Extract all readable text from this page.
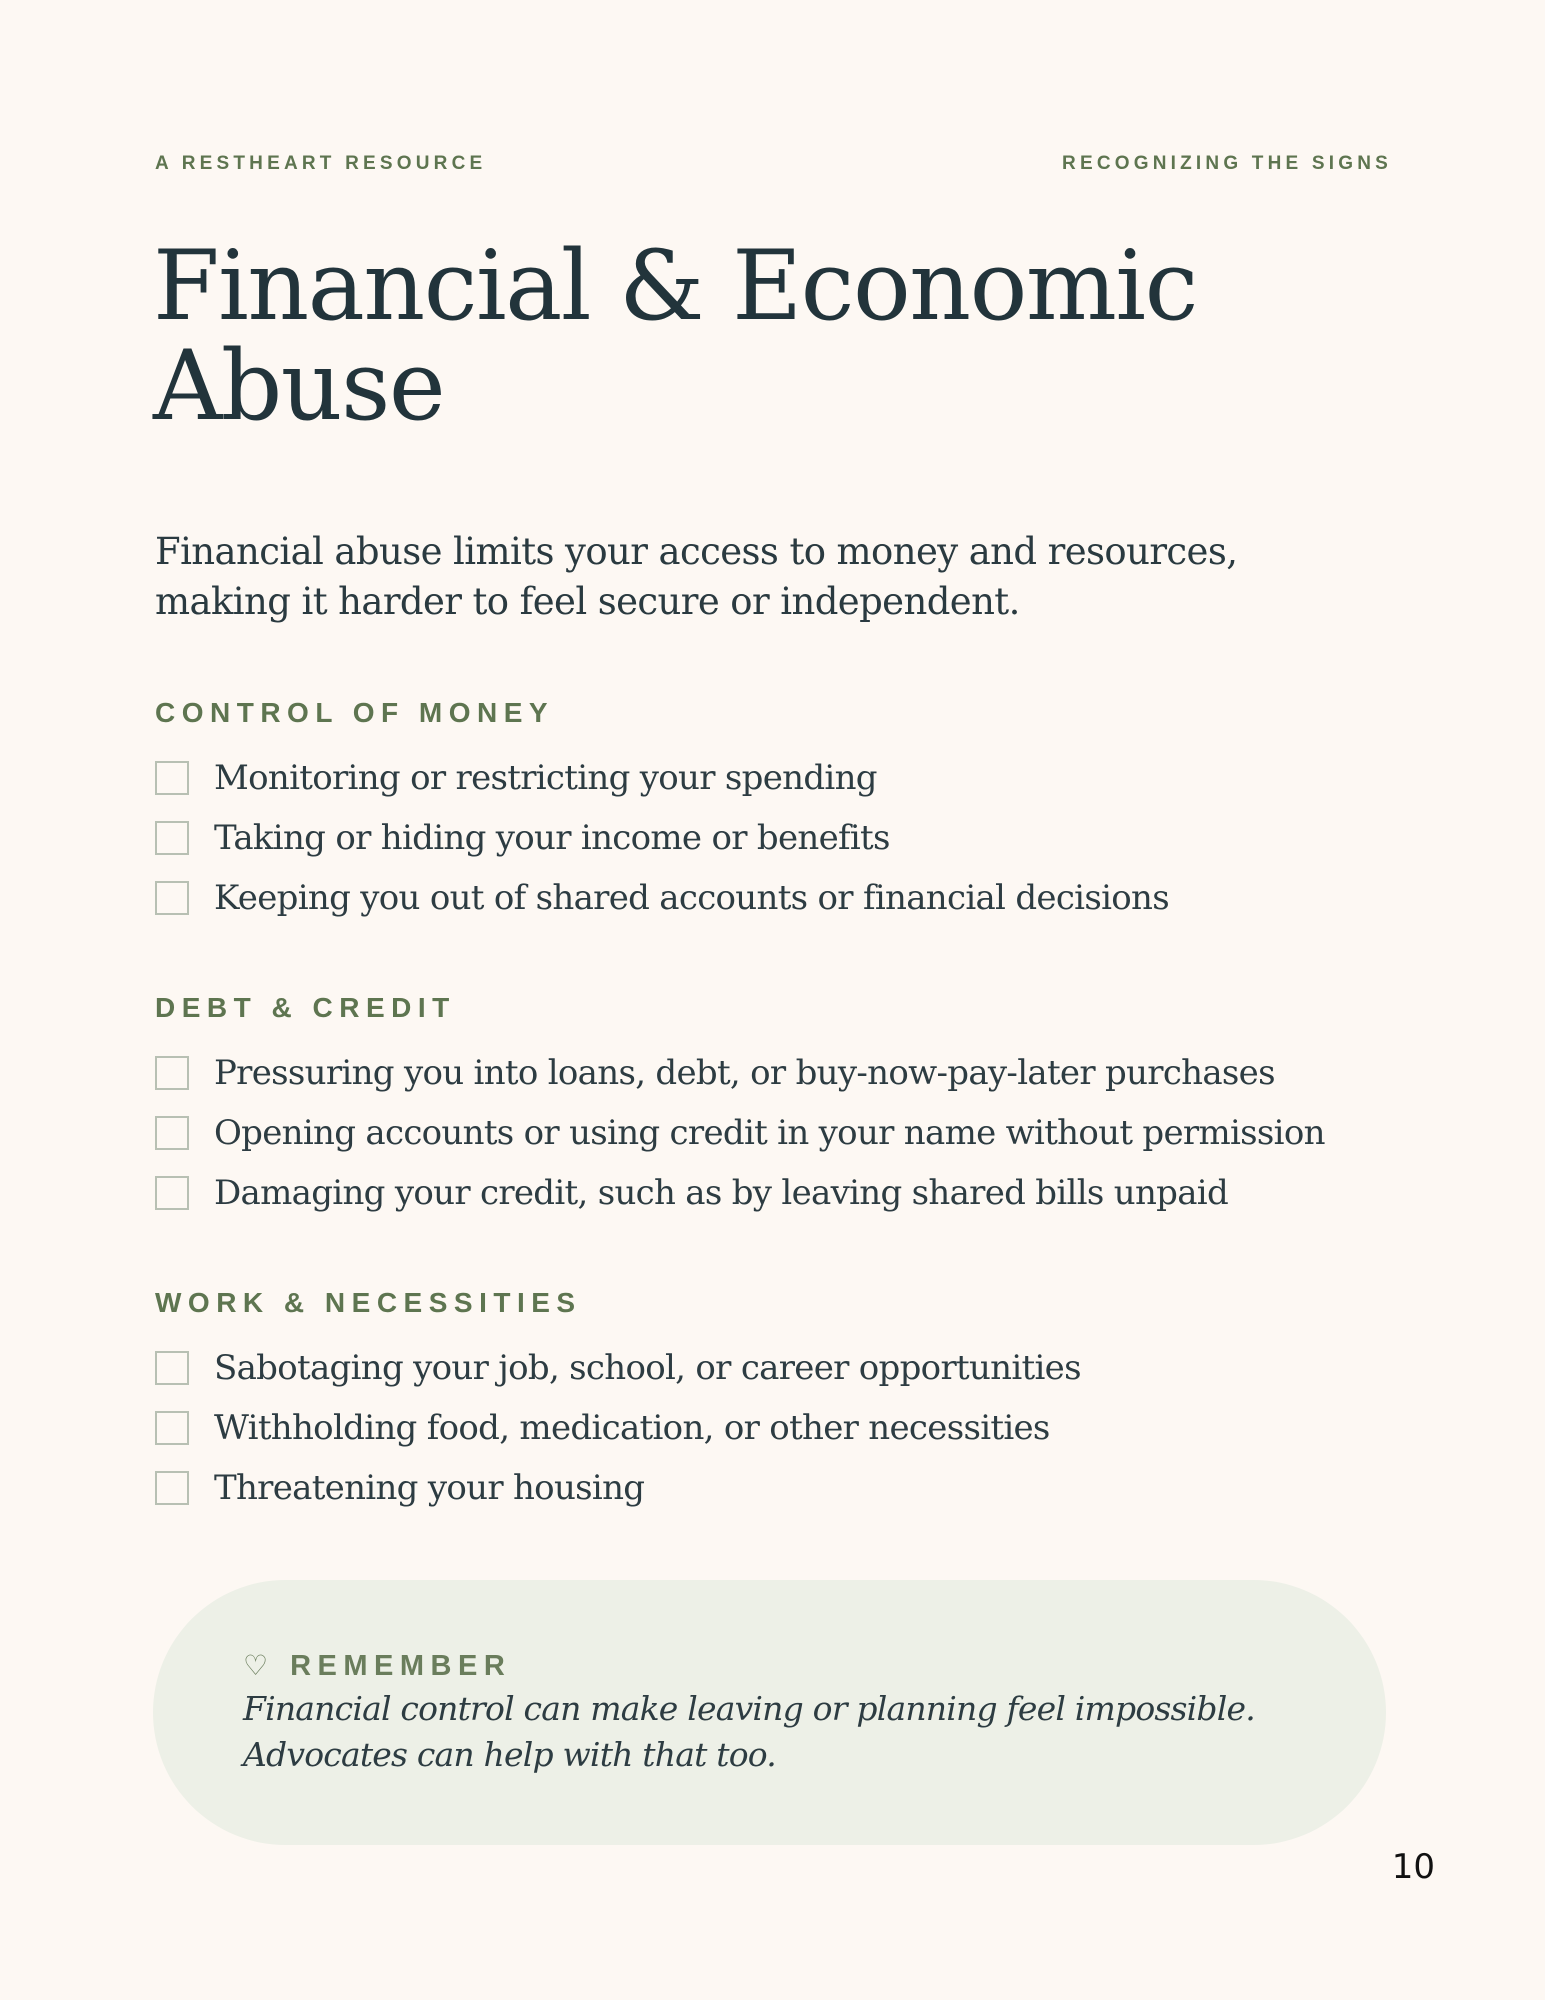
A RESTHEART RESOURCE	RECOGNIZING THE SIGNS

Financial & Economic Abuse

Financial abuse limits your access to money and resources, making it harder to feel secure or independent.

CONTROL OF MONEY
Monitoring or restricting your spending
Taking or hiding your income or benefits
Keeping you out of shared accounts or financial decisions
DEBT & CREDIT
Pressuring you into loans, debt, or buy-now-pay-later purchases
Opening accounts or using credit in your name without permission
Damaging your credit, such as by leaving shared bills unpaid
WORK & NECESSITIES
Sabotaging your job, school, or career opportunities
Withholding food, medication, or other necessities
Threatening your housing

♡ REMEMBER

Financial control can make leaving or planning feel impossible. Advocates can help with that too.

10
